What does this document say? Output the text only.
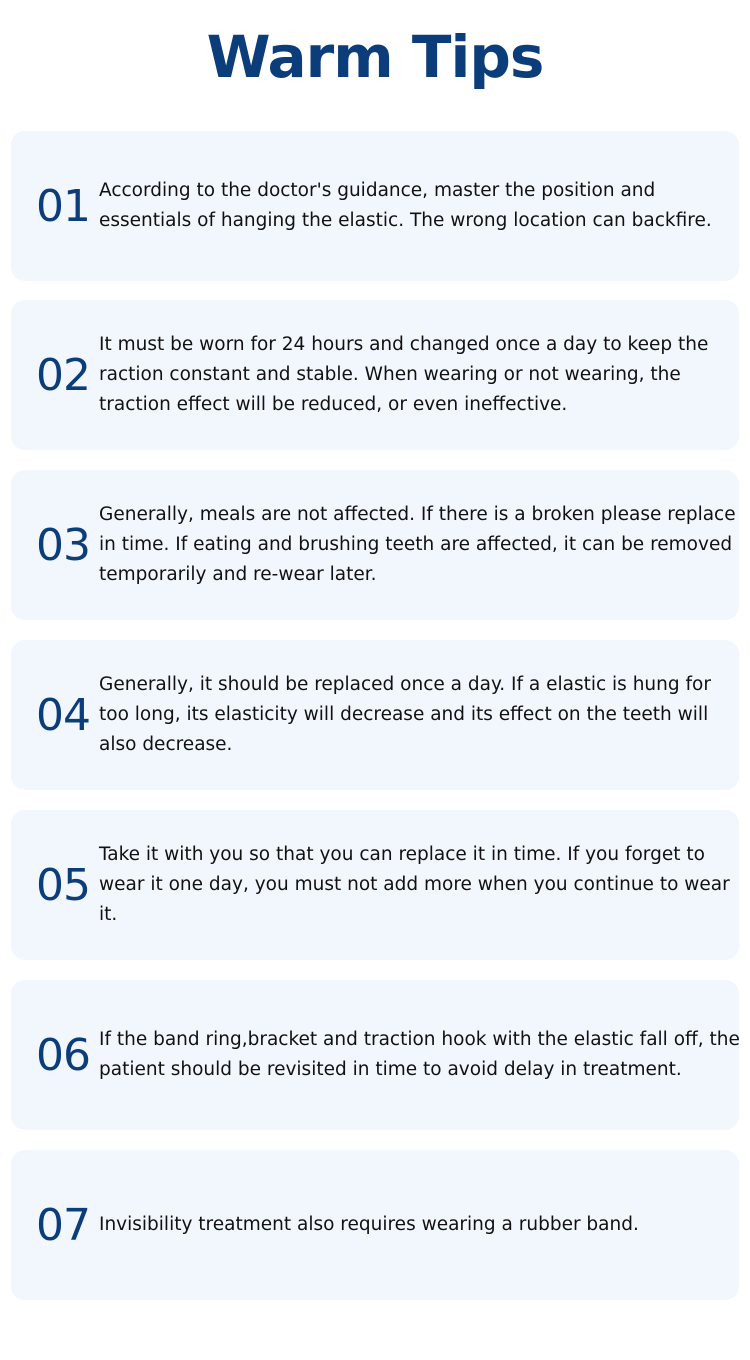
Warm Tips
01 According to the doctor's guidance, master the position and essentials of hanging the elastic. The wrong location can backfire.
02
It must be worn for 24 hours and changed once a day to keep the raction constant and stable. When wearing or not wearing, the traction effect will be reduced, or even ineffective.
03
Generally, meals are not affected. If there is a broken please replace in time. If eating and brushing teeth are affected, it can be removed temporarily and re-wear later.
04
Generally, it should be replaced once a day. If a elastic is hung for too long, its elasticity will decrease and its effect on the teeth will also decrease.
05
Take it with you so that you can replace it in time. If you forget to wear it one day, you must not add more when you continue to wear it.
06 If the band ring,bracket and traction hook with the elastic fall off, the patient should be revisited in time to avoid delay in treatment.
07 Invisibility treatment also requires wearing a rubber band.
